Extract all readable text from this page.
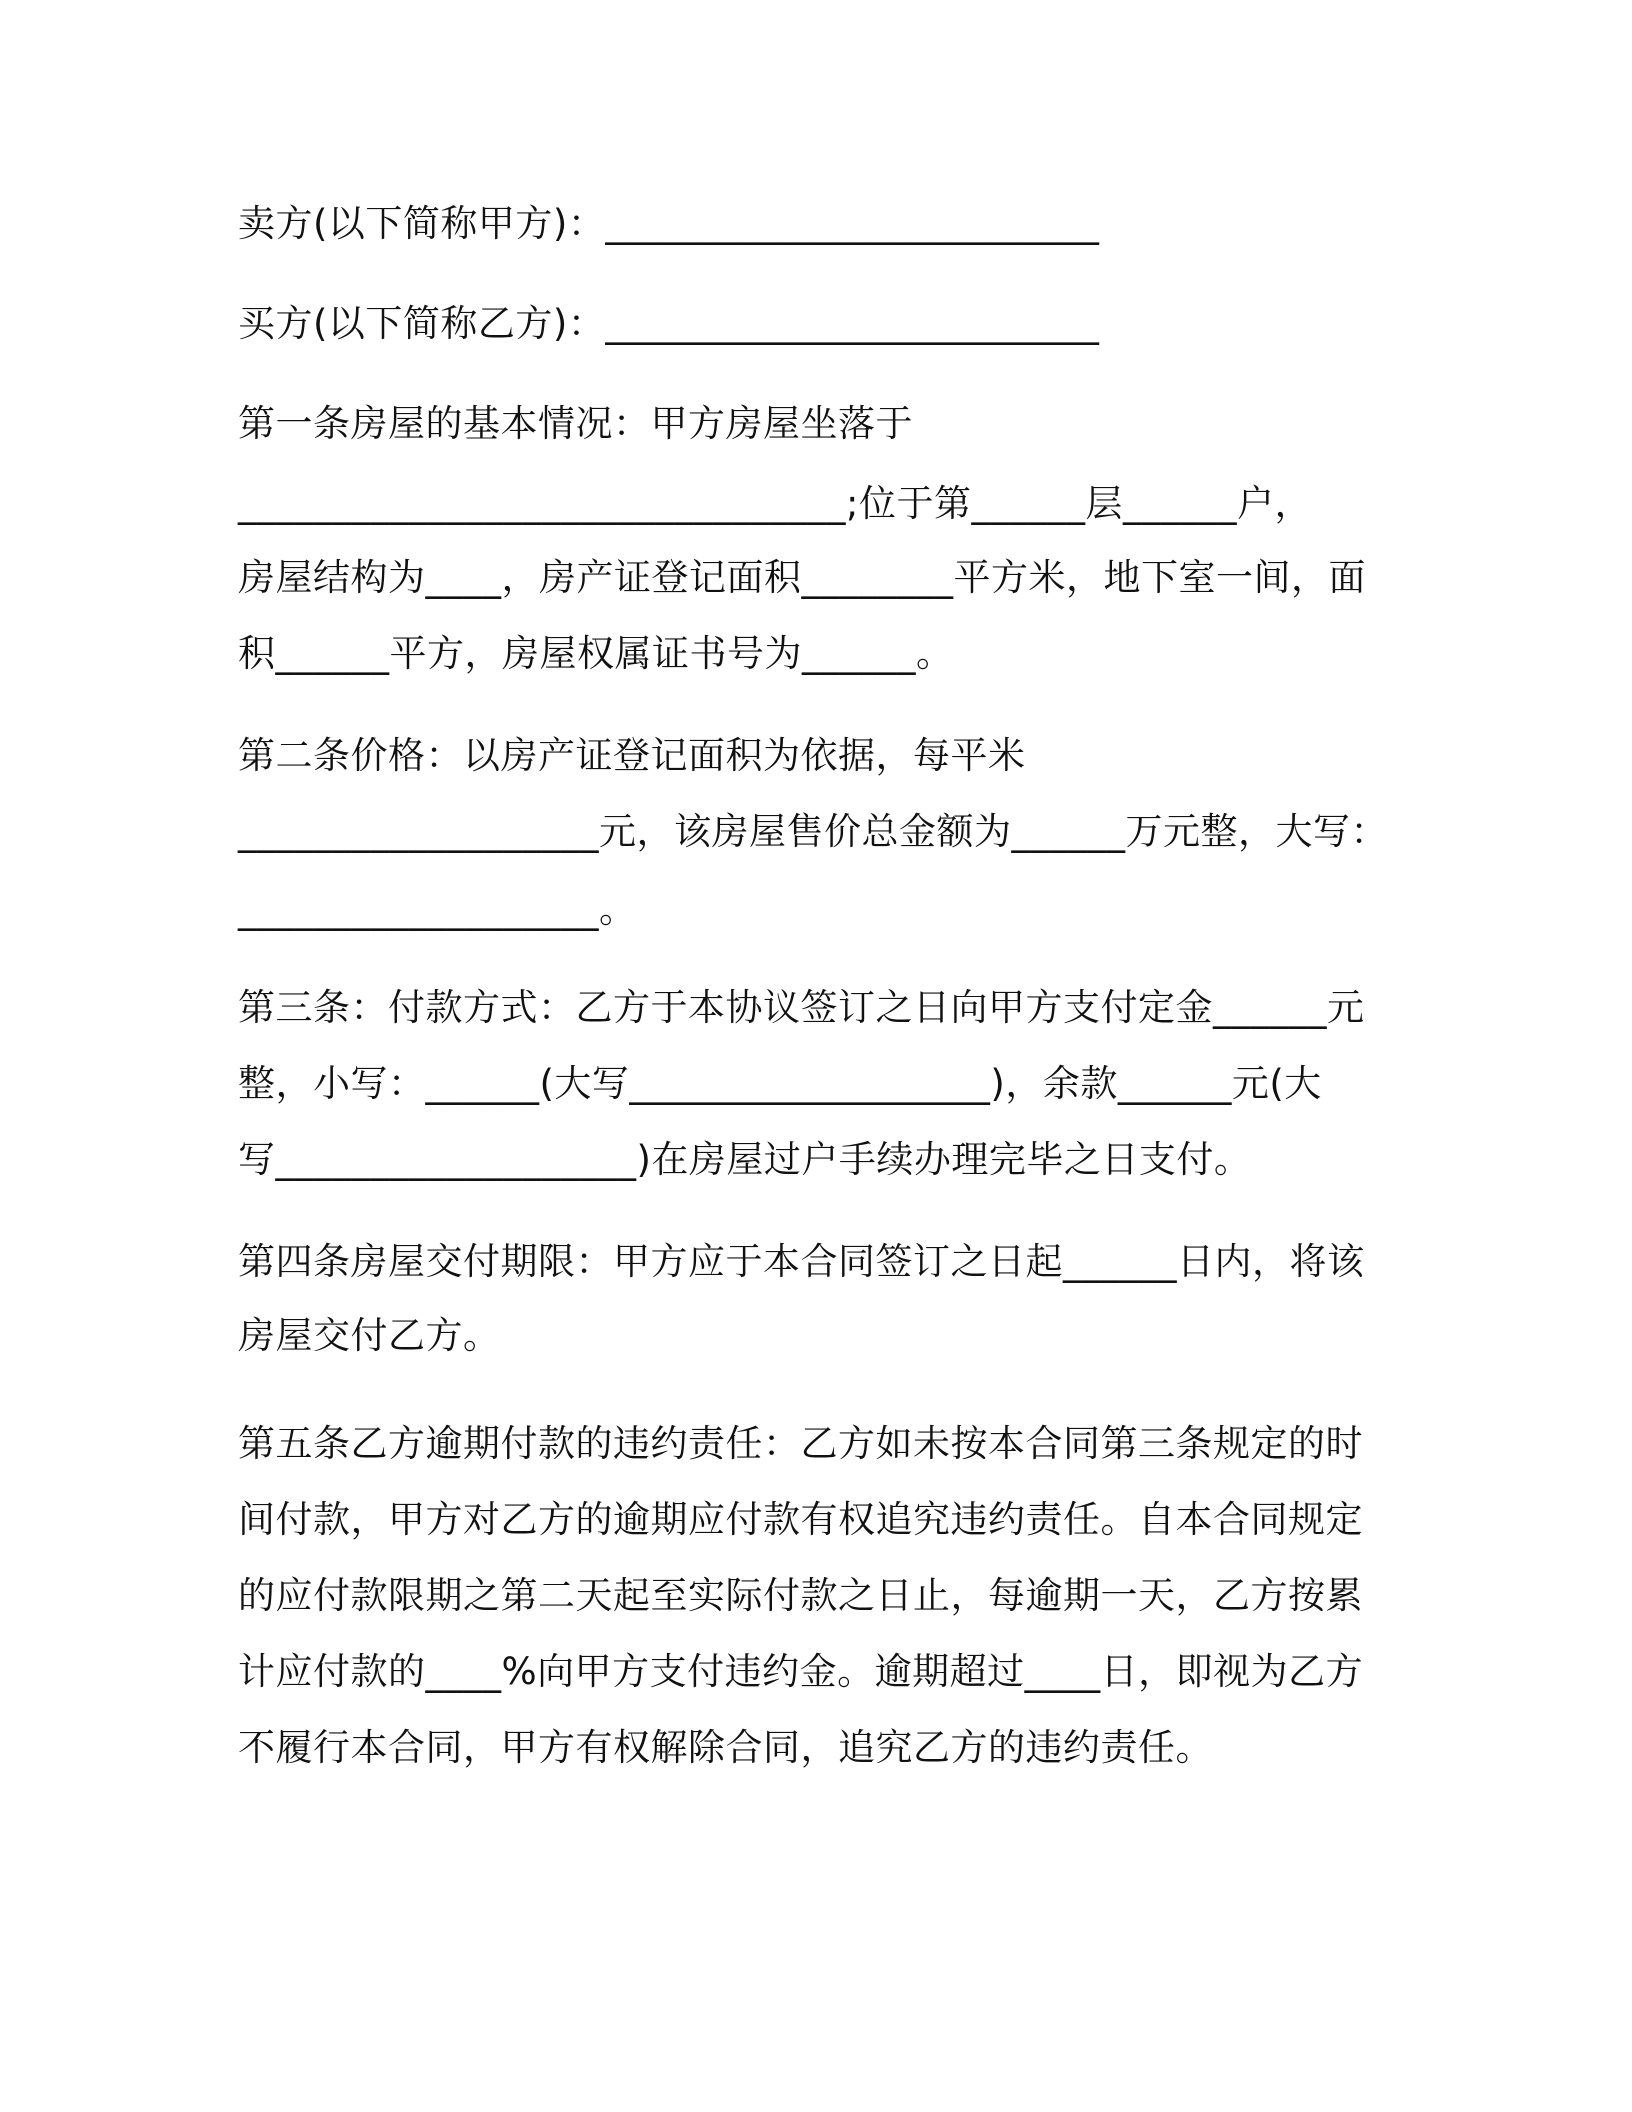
卖方(以下简称甲方)：__________________________
买方(以下简称乙方)：__________________________
第一条房屋的基本情况：甲方房屋坐落于
________________________________;位于第______层______户，
房屋结构为____，房产证登记面积________平方米，地下室一间，面
积______平方，房屋权属证书号为______。
第二条价格：以房产证登记面积为依据，每平米
___________________元，该房屋售价总金额为______万元整，大写：
___________________。
第三条：付款方式：乙方于本协议签订之日向甲方支付定金______元
整，小写：______(大写___________________)，余款______元(大
写___________________)在房屋过户手续办理完毕之日支付。
第四条房屋交付期限：甲方应于本合同签订之日起______日内，将该
房屋交付乙方。
第五条乙方逾期付款的违约责任：乙方如未按本合同第三条规定的时
间付款，甲方对乙方的逾期应付款有权追究违约责任。自本合同规定
的应付款限期之第二天起至实际付款之日止，每逾期一天，乙方按累
计应付款的____%向甲方支付违约金。逾期超过____日，即视为乙方
不履行本合同，甲方有权解除合同，追究乙方的违约责任。
